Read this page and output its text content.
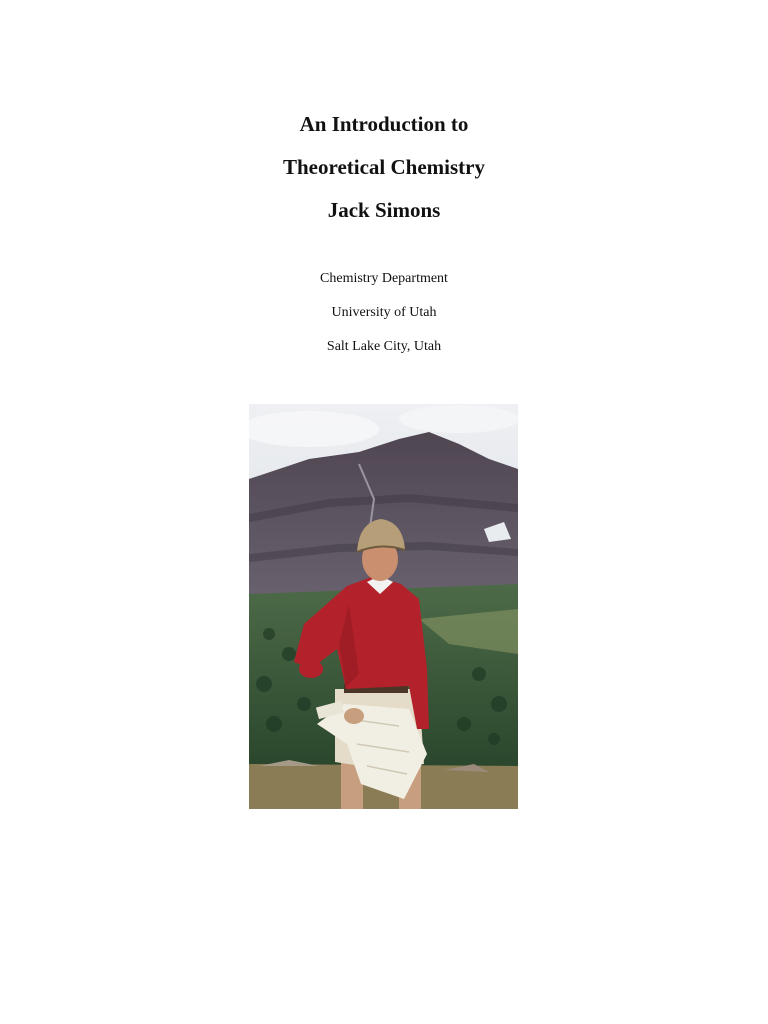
An Introduction to
Theoretical Chemistry
Jack Simons
Chemistry Department
University of Utah
Salt Lake City, Utah
